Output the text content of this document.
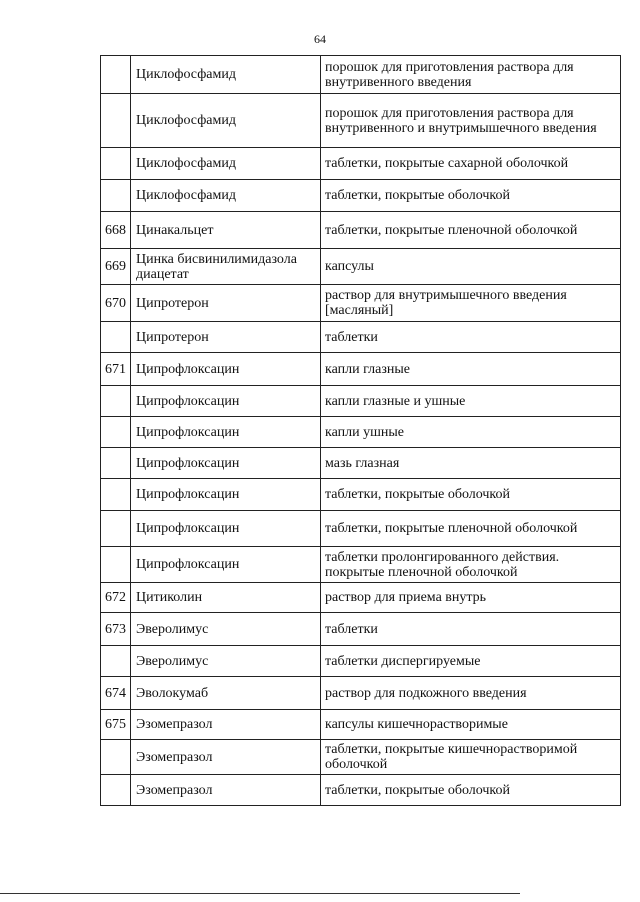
64
	Циклофосфамид	порошок для приготовления раствора для внутривенного введения
	Циклофосфамид	порошок для приготовления раствора для внутривенного и внутримышечного введения
	Циклофосфамид	таблетки, покрытые сахарной оболочкой
	Циклофосфамид	таблетки, покрытые оболочкой
668	Цинакальцет	таблетки, покрытые пленочной оболочкой
669	Цинка бисвинилимидазола диацетат	капсулы
670	Ципротерон	раствор для внутримышечного введения [масляный]
	Ципротерон	таблетки
671	Ципрофлоксацин	капли глазные
	Ципрофлоксацин	капли глазные и ушные
	Ципрофлоксацин	капли ушные
	Ципрофлоксацин	мазь глазная
	Ципрофлоксацин	таблетки, покрытые оболочкой
	Ципрофлоксацин	таблетки, покрытые пленочной оболочкой
	Ципрофлоксацин	таблетки пролонгированного действия. покрытые пленочной оболочкой
672	Цитиколин	раствор для приема внутрь
673	Эверолимус	таблетки
	Эверолимус	таблетки диспергируемые
674	Эволокумаб	раствор для подкожного введения
675	Эзомепразол	капсулы кишечнорастворимые
	Эзомепразол	таблетки, покрытые кишечнорастворимой оболочкой
	Эзомепразол	таблетки, покрытые оболочкой
